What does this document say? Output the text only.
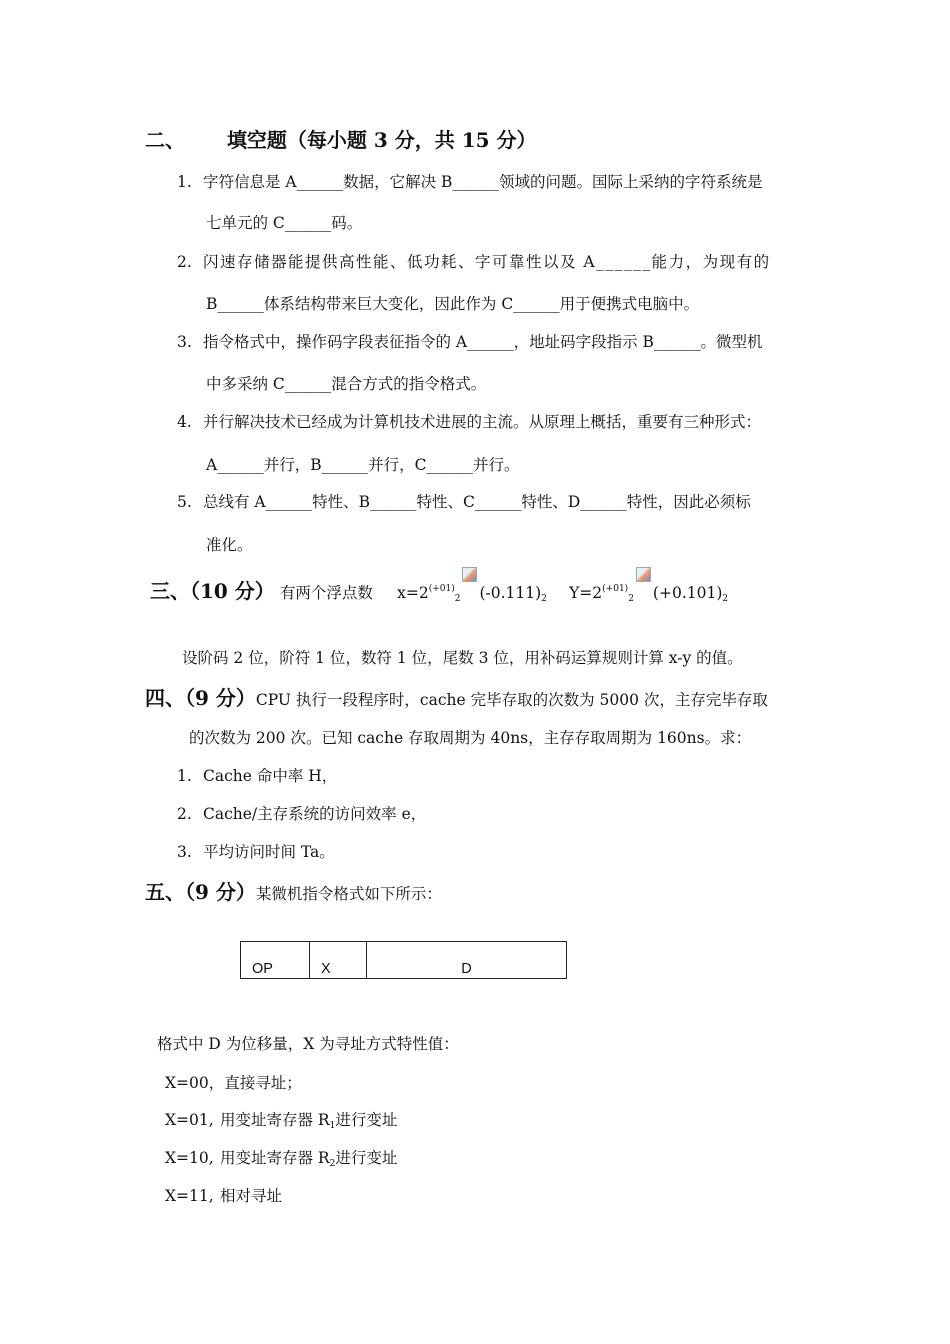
二、 填空题（每小题 3 分，共 15 分）
1. 字符信息是 A______数据，它解决 B______领域的问题。国际上采纳的字符系统是
七单元的 C______码。
2. 闪速存储器能提供高性能、低功耗、字可靠性以及 A______能力，为现有的
B______体系结构带来巨大变化，因此作为 C______用于便携式电脑中。
3. 指令格式中，操作码字段表征指令的 A______，地址码字段指示 B______。微型机
中多采纳 C______混合方式的指令格式。
4. 并行解决技术已经成为计算机技术进展的主流。从原理上概括，重要有三种形式：
A______并行，B______并行，C______并行。
5. 总线有 A______特性、B______特性、C______特性、D______特性，因此必须标
准化。
三、（10 分） 有两个浮点数 $x=2^{(+01)}_2$ $(-0.111)_2$ $Y=2^{(+01)}_2$ $(+0.101)_2$
设阶码 2 位，阶符 1 位，数符 1 位，尾数 3 位，用补码运算规则计算 x-y 的值。
四、（9 分）CPU 执行一段程序时，cache 完毕存取的次数为 5000 次，主存完毕存取
的次数为 200 次。已知 cache 存取周期为 40ns，主存存取周期为 160ns。求：
1. Cache 命中率 H，
2. Cache/主存系统的访问效率 e，
3. 平均访问时间 Ta。
五、（9 分）某微机指令格式如下所示：
OP	X	D
格式中 D 为位移量，X 为寻址方式特性值：
X=00，直接寻址；
X=01, 用变址寄存器 $R_1$进行变址
X=10, 用变址寄存器 $R_2$进行变址
X=11, 相对寻址
